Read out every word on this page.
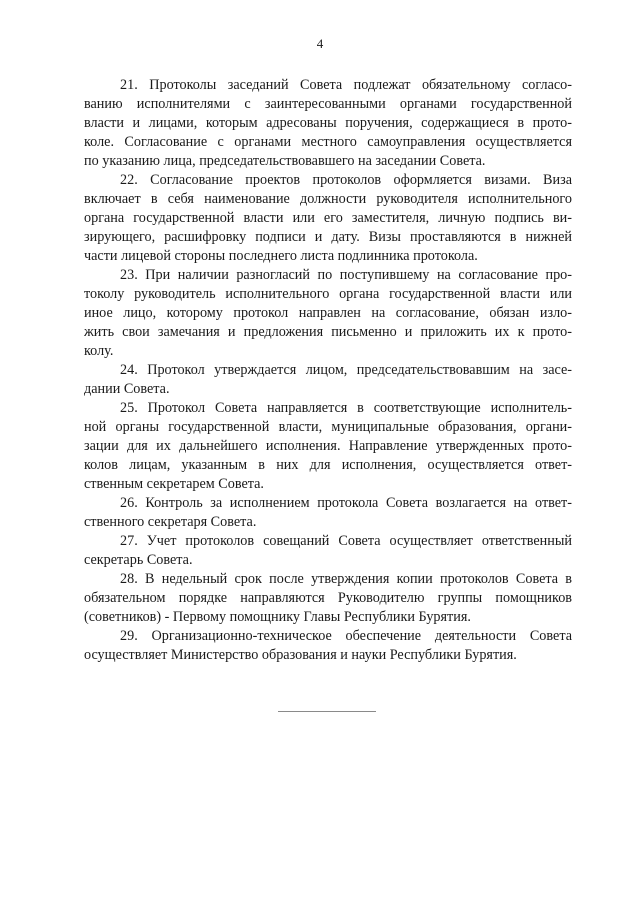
4
21. Протоколы заседаний Совета подлежат обязательному согласо-
ванию исполнителями с заинтересованными органами государственной
власти и лицами, которым адресованы поручения, содержащиеся в прото-
коле. Согласование с органами местного самоуправления осуществляется
по указанию лица, председательствовавшего на заседании Совета.
22. Согласование проектов протоколов оформляется визами. Виза
включает в себя наименование должности руководителя исполнительного
органа государственной власти или его заместителя, личную подпись ви-
зирующего, расшифровку подписи и дату. Визы проставляются в нижней
части лицевой стороны последнего листа подлинника протокола.
23. При наличии разногласий по поступившему на согласование про-
токолу руководитель исполнительного органа государственной власти или
иное лицо, которому протокол направлен на согласование, обязан изло-
жить свои замечания и предложения письменно и приложить их к прото-
колу.
24. Протокол утверждается лицом, председательствовавшим на засе-
дании Совета.
25. Протокол Совета направляется в соответствующие исполнитель-
ной органы государственной власти, муниципальные образования, органи-
зации для их дальнейшего исполнения. Направление утвержденных прото-
колов лицам, указанным в них для исполнения, осуществляется ответ-
ственным секретарем Совета.
26. Контроль за исполнением протокола Совета возлагается на ответ-
ственного секретаря Совета.
27. Учет протоколов совещаний Совета осуществляет ответственный
секретарь Совета.
28. В недельный срок после утверждения копии протоколов Совета в
обязательном порядке направляются Руководителю группы помощников
(советников) - Первому помощнику Главы Республики Бурятия.
29. Организационно-техническое обеспечение деятельности Совета
осуществляет Министерство образования и науки Республики Бурятия.
